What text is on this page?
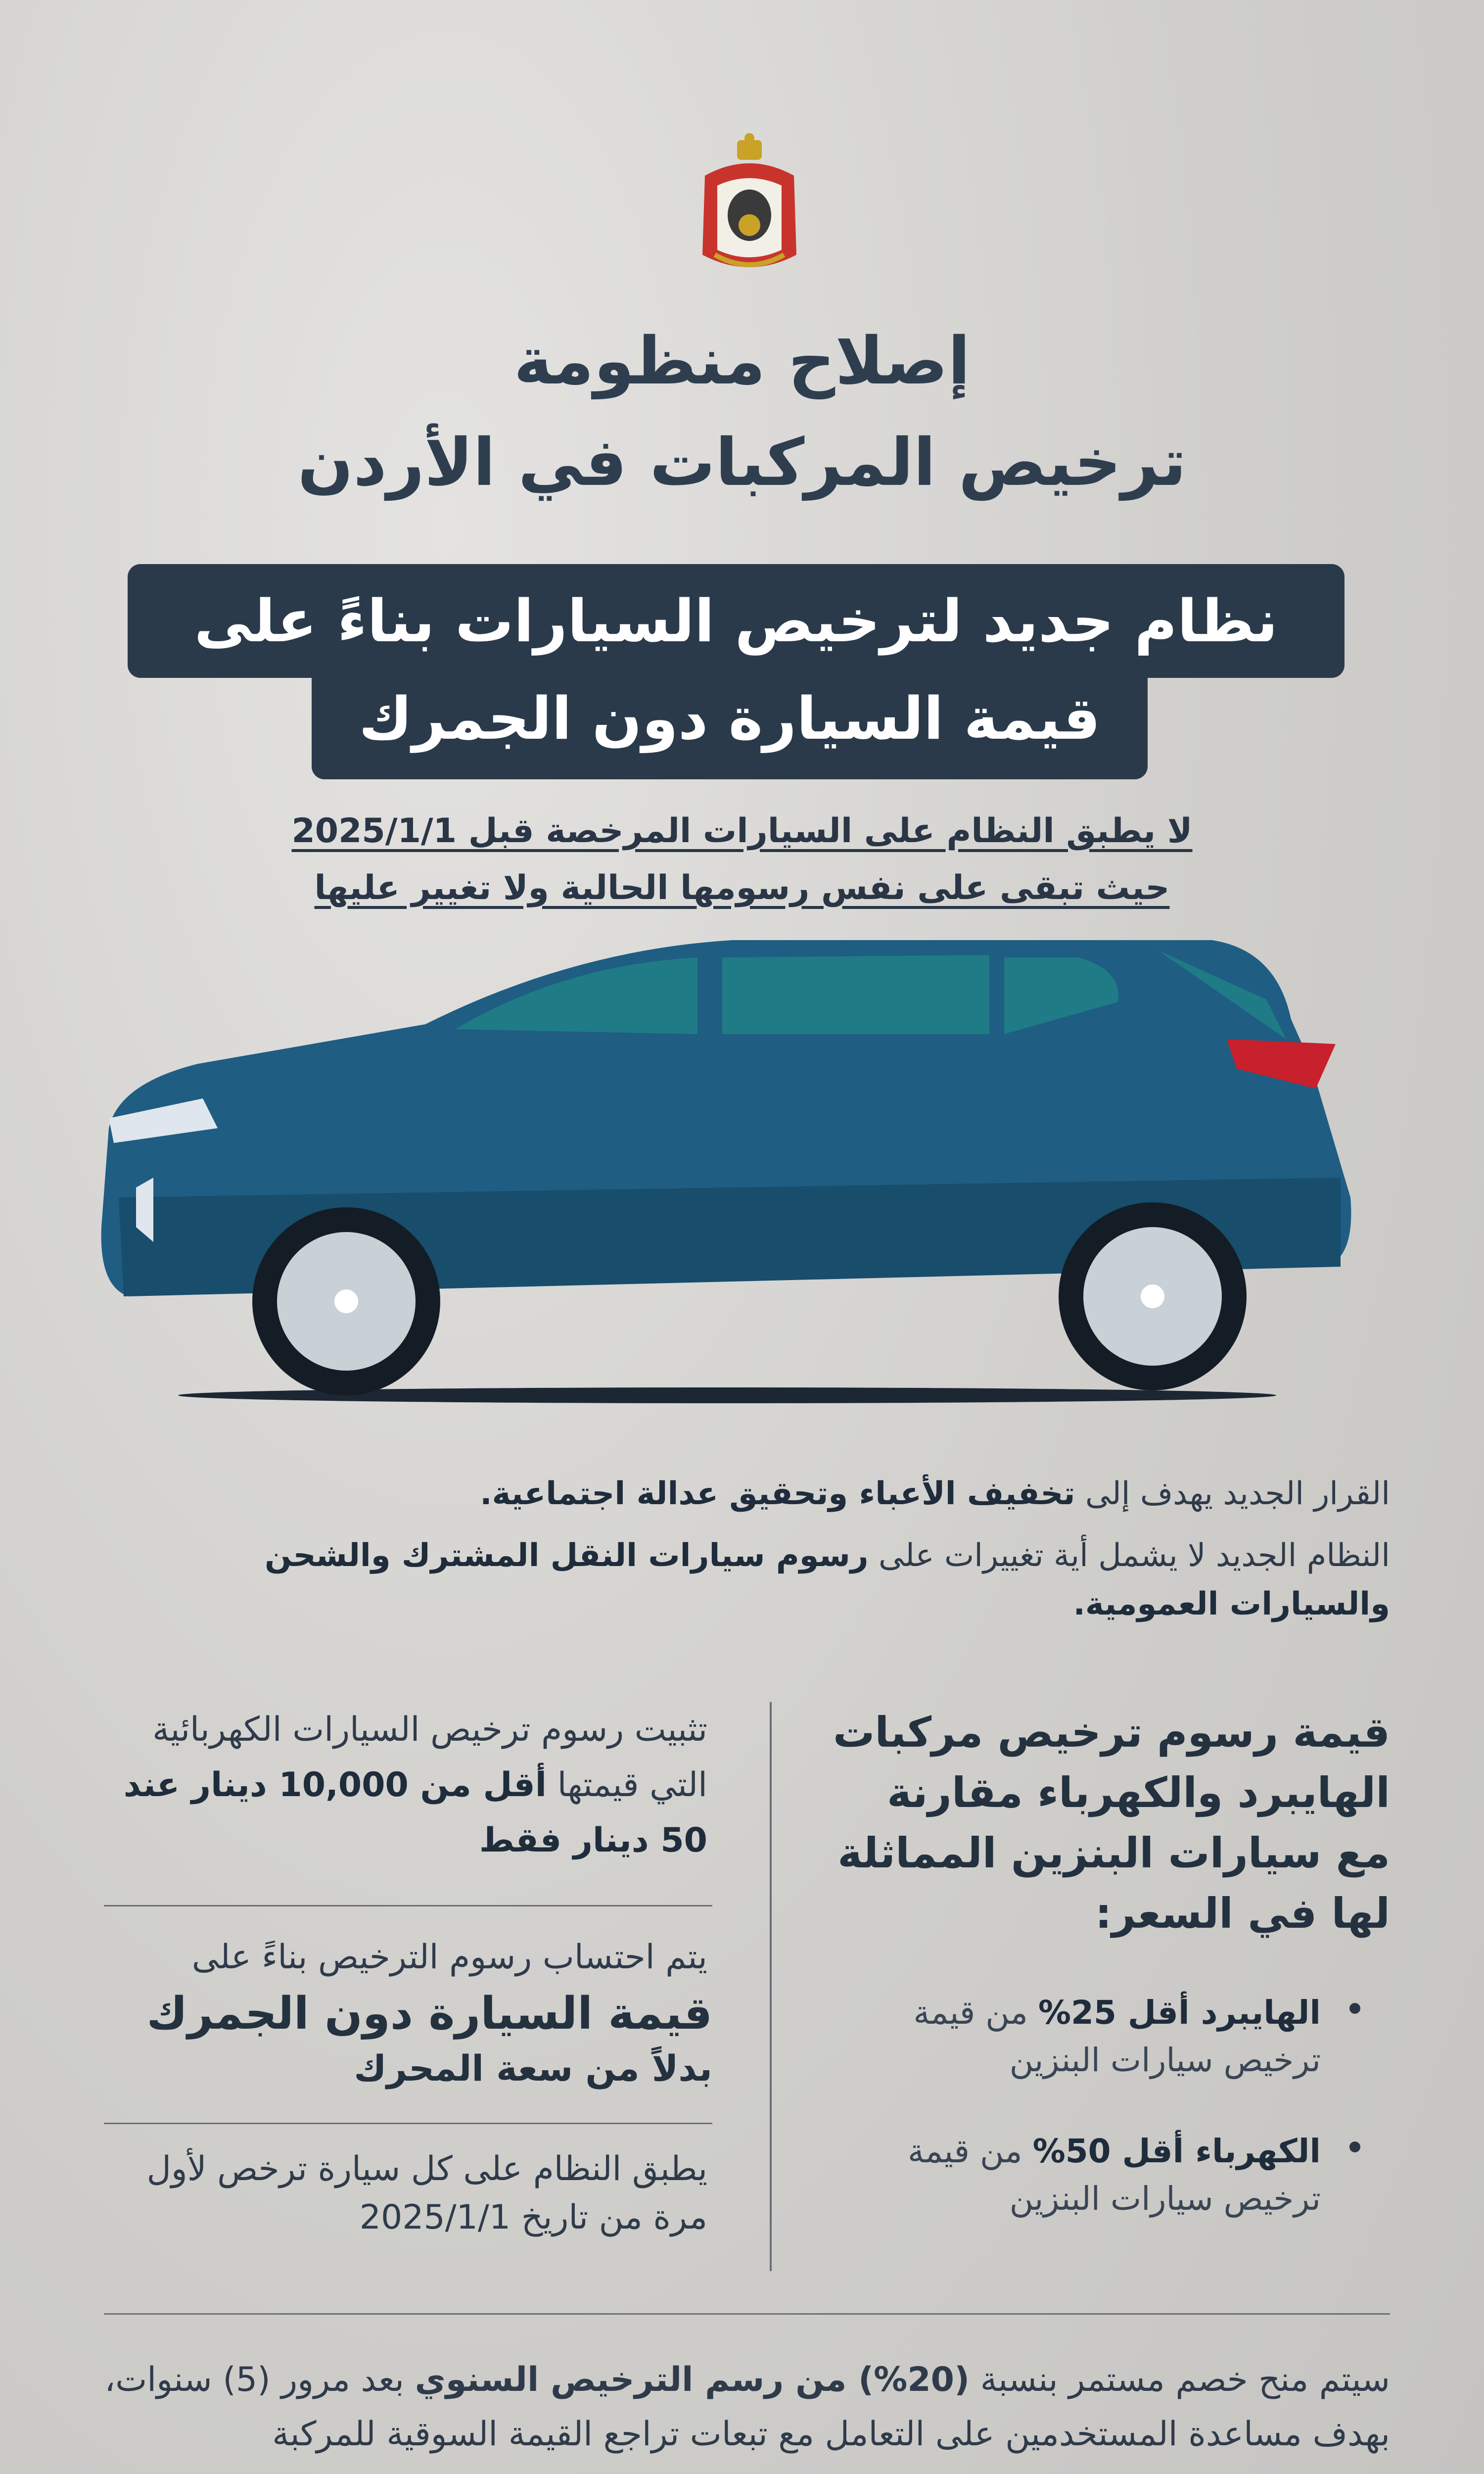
إصلاح منظومة
ترخيص المركبات في الأردن
نظام جديد لترخيص السيارات بناءً على
قيمة السيارة دون الجمرك
لا يطبق النظام على السيارات المرخصة قبل 2025/1/1
حيث تبقى على نفس رسومها الحالية ولا تغيير عليها
القرار الجديد يهدف إلى تخفيف الأعباء وتحقيق عدالة اجتماعية.
النظام الجديد لا يشمل أية تغييرات على رسوم سيارات النقل المشترك والشحن والسيارات العمومية.
قيمة رسوم ترخيص مركبات الهايبرد والكهرباء مقارنة مع سيارات البنزين المماثلة لها في السعر:
الهايبرد أقل 25% من قيمة ترخيص سيارات البنزين
الكهرباء أقل 50% من قيمة ترخيص سيارات البنزين
تثبيت رسوم ترخيص السيارات الكهربائية التي قيمتها أقل من 10,000 دينار عند 50 دينار فقط
يتم احتساب رسوم الترخيص بناءً على
قيمة السيارة دون الجمرك
بدلاً من سعة المحرك
يطبق النظام على كل سيارة ترخص لأول مرة من تاريخ 2025/1/1
سيتم منح خصم مستمر بنسبة (20%) من رسم الترخيص السنوي بعد مرور (5) سنوات، بهدف مساعدة المستخدمين على التعامل مع تبعات تراجع القيمة السوقية للمركبة
